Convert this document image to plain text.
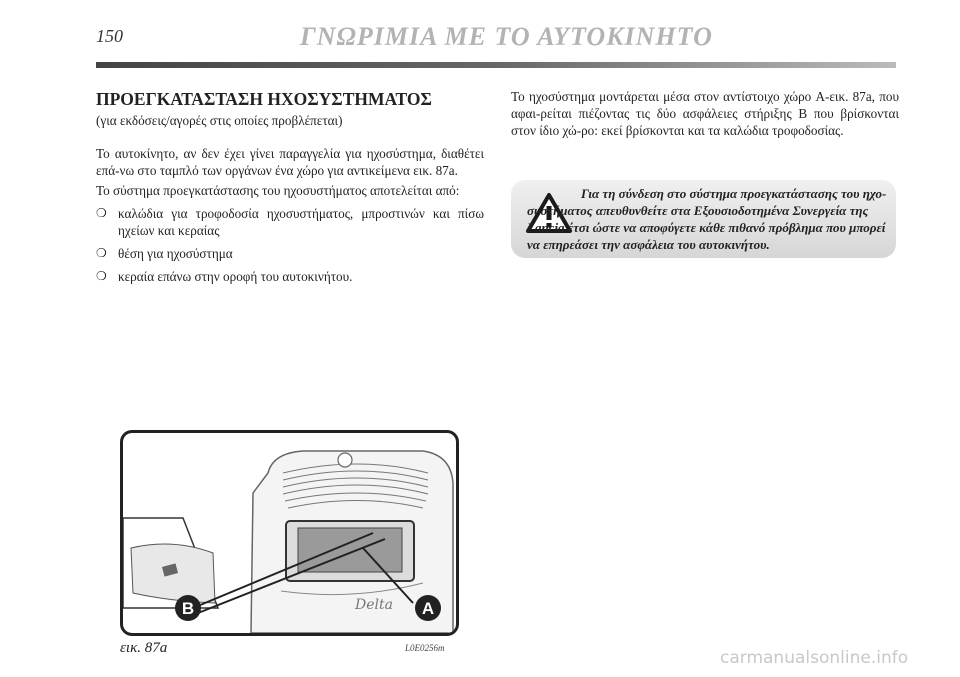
150	ΓΝΩΡΙΜΙΑ ΜΕ ΤΟ ΑΥΤΟΚΙΝΗΤΟ
ΠΡΟΕΓΚΑΤΑΣΤΑΣΗ ΗΧΟΣΥΣΤΗΜΑΤΟΣ
(για εκδόσεις/αγορές στις οποίες προβλέπεται)

Το αυτοκίνητο, αν δεν έχει γίνει παραγγελία για ηχοσύστημα, διαθέτει επά-νω στο ταμπλό των οργάνων ένα χώρο για αντικείμενα εικ. 87a.

Το σύστημα προεγκατάστασης του ηχοσυστήματος αποτελείται από:

❍ καλώδια για τροφοδοσία ηχοσυστήματος, μπροστινών και πίσω ηχείων και κεραίας
❍ θέση για ηχοσύστημα
❍ κεραία επάνω στην οροφή του αυτοκινήτου.

Το ηχοσύστημα μοντάρεται μέσα στον αντίστοιχο χώρο A-εικ. 87a, που αφαι-ρείται πιέζοντας τις δύο ασφάλειες στήριξης B που βρίσκονται στον ίδιο χώ-ρο: εκεί βρίσκονται και τα καλώδια τροφοδοσίας.

Για τη σύνδεση στο σύστημα προεγκατάστασης του ηχο-συστήματος απευθυνθείτε στα Εξουσιοδοτημένα Συνεργεία της Lancia έτσι ώστε να αποφύγετε κάθε πιθανό πρόβλημα που μπορεί να επηρεάσει την ασφάλεια του αυτοκινήτου.
Delta
B	A
εικ. 87a	L0E0256m	carmanualsonline.info
